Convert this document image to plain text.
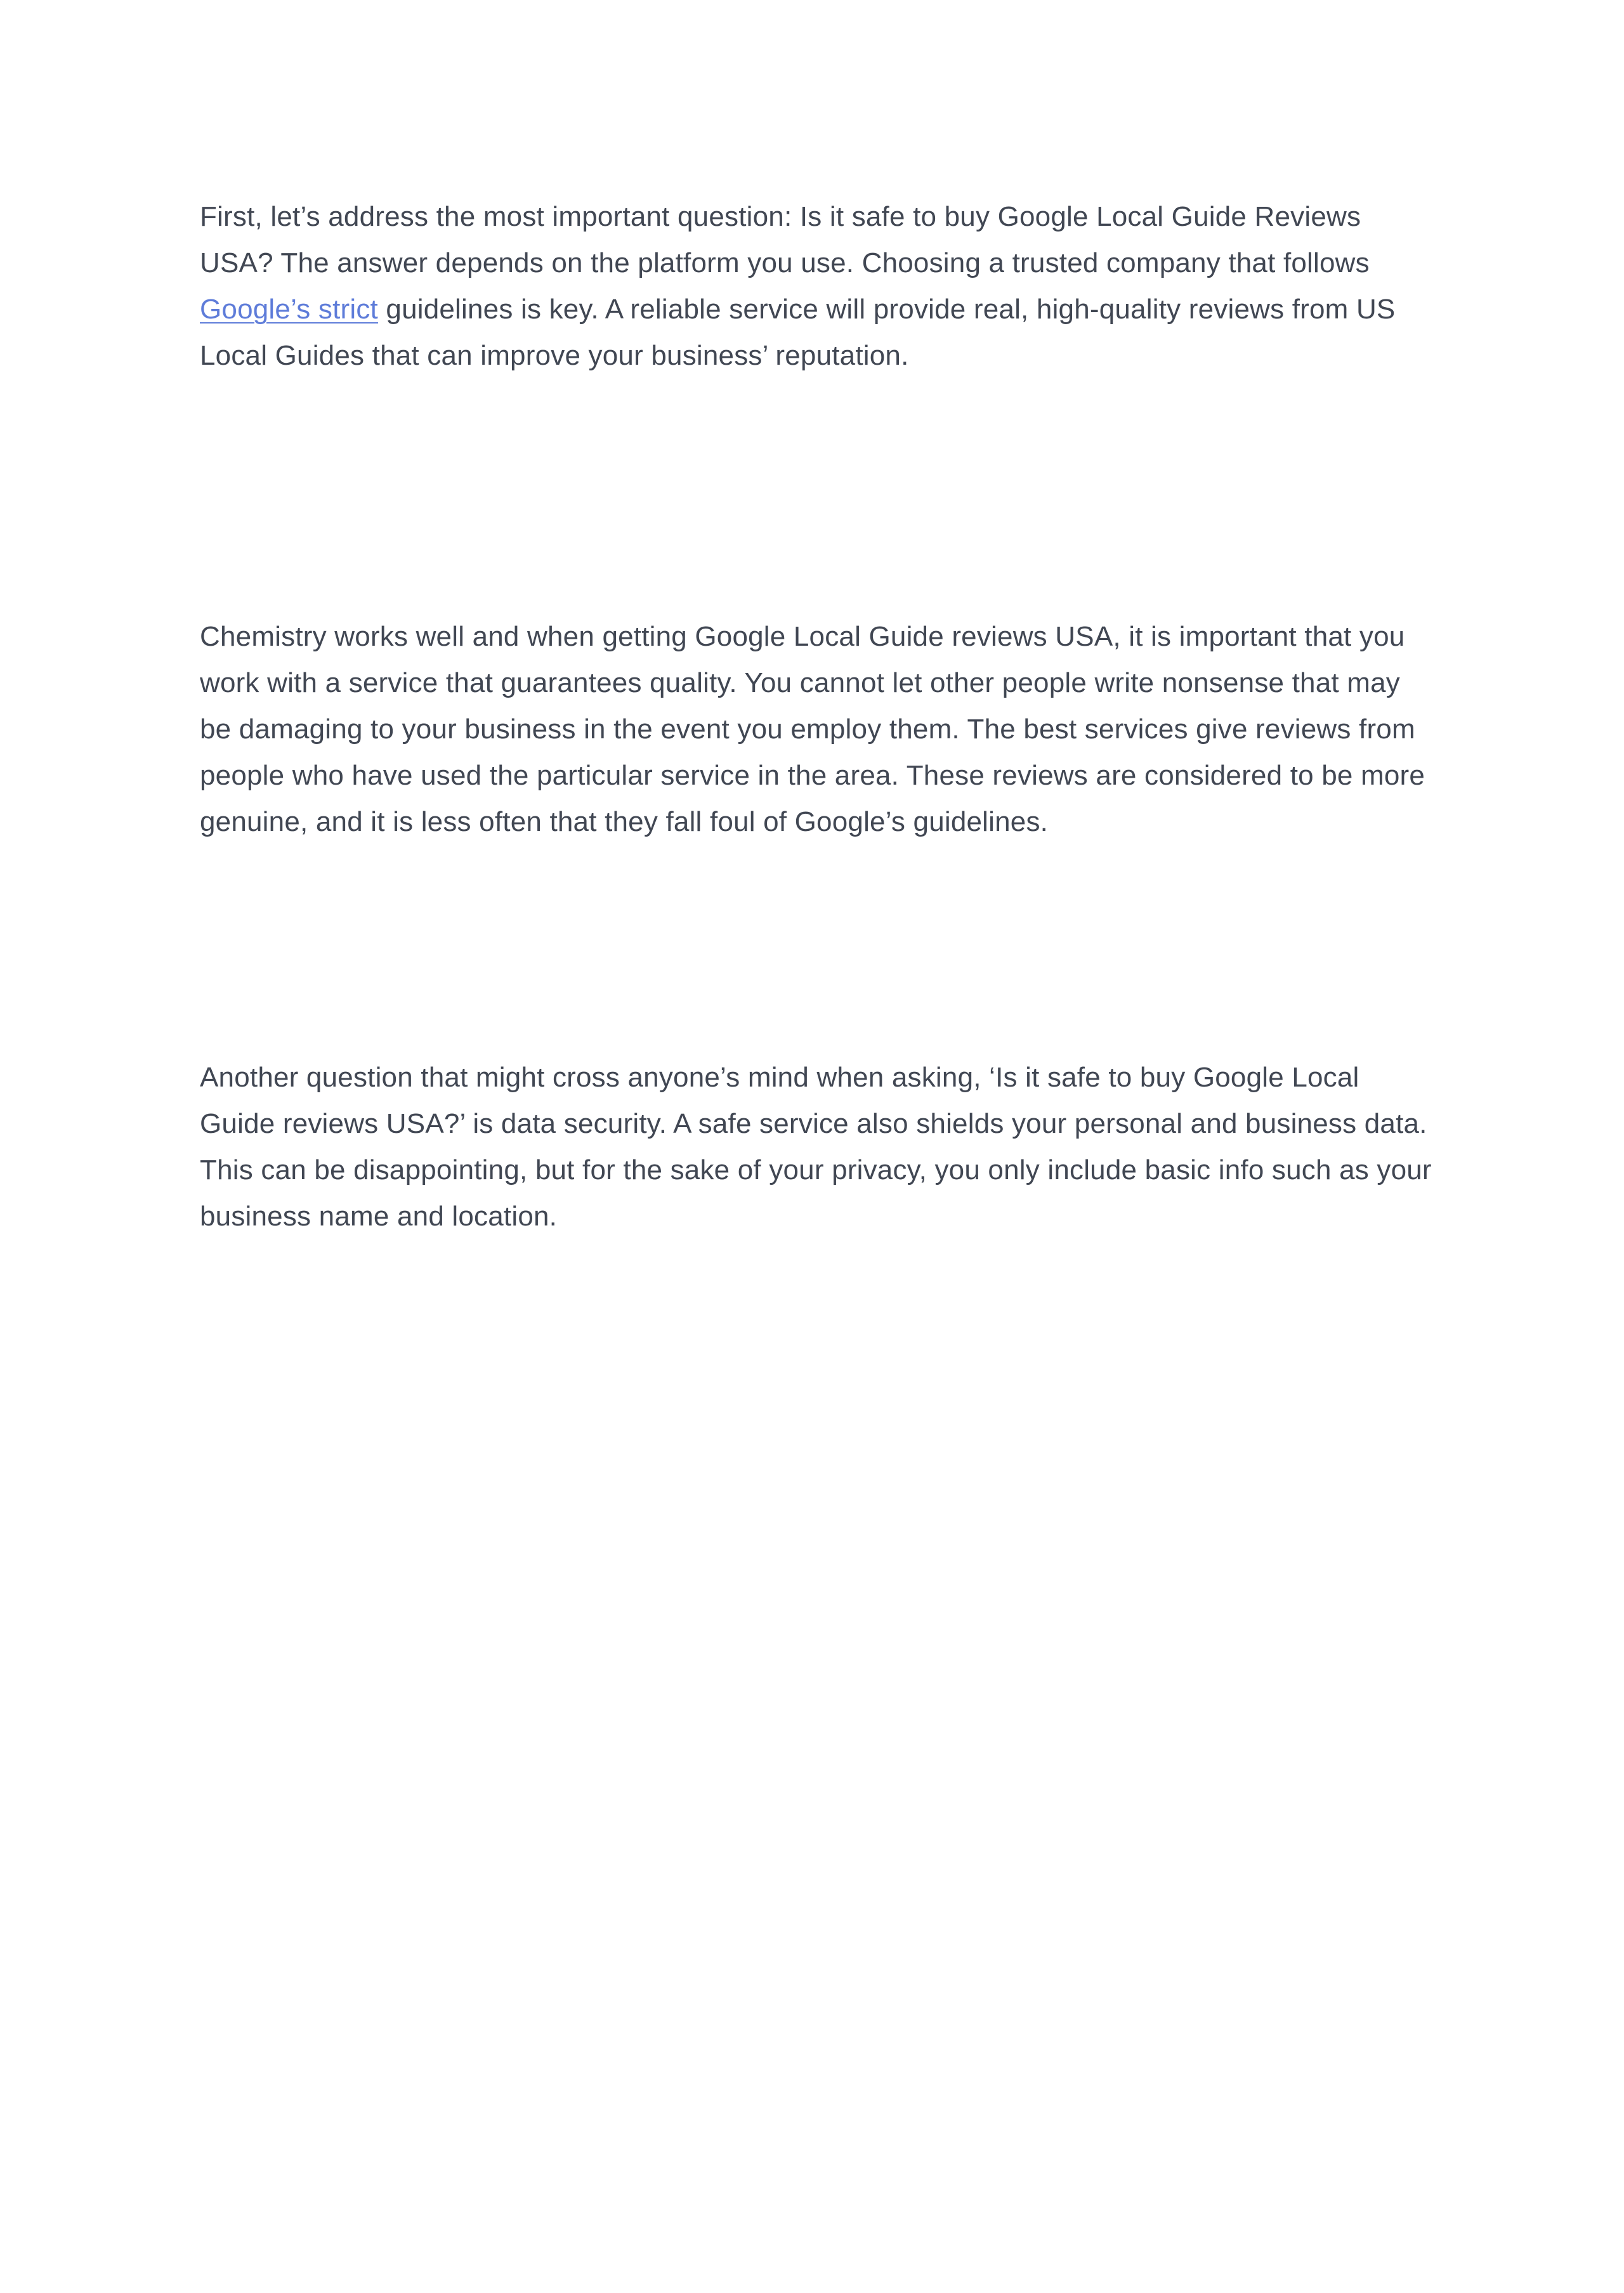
First, let’s address the most important question: Is it safe to buy Google Local Guide Reviews USA? The answer depends on the platform you use. Choosing a trusted company that follows Google’s strict guidelines is key. A reliable service will provide real, high-quality reviews from US Local Guides that can improve your business’ reputation.

Chemistry works well and when getting Google Local Guide reviews USA, it is important that you work with a service that guarantees quality. You cannot let other people write nonsense that may be damaging to your business in the event you employ them. The best services give reviews from people who have used the particular service in the area. These reviews are considered to be more genuine, and it is less often that they fall foul of Google’s guidelines.

Another question that might cross anyone’s mind when asking, ‘Is it safe to buy Google Local Guide reviews USA?’ is data security. A safe service also shields your personal and business data. This can be disappointing, but for the sake of your privacy, you only include basic info such as your business name and location.
